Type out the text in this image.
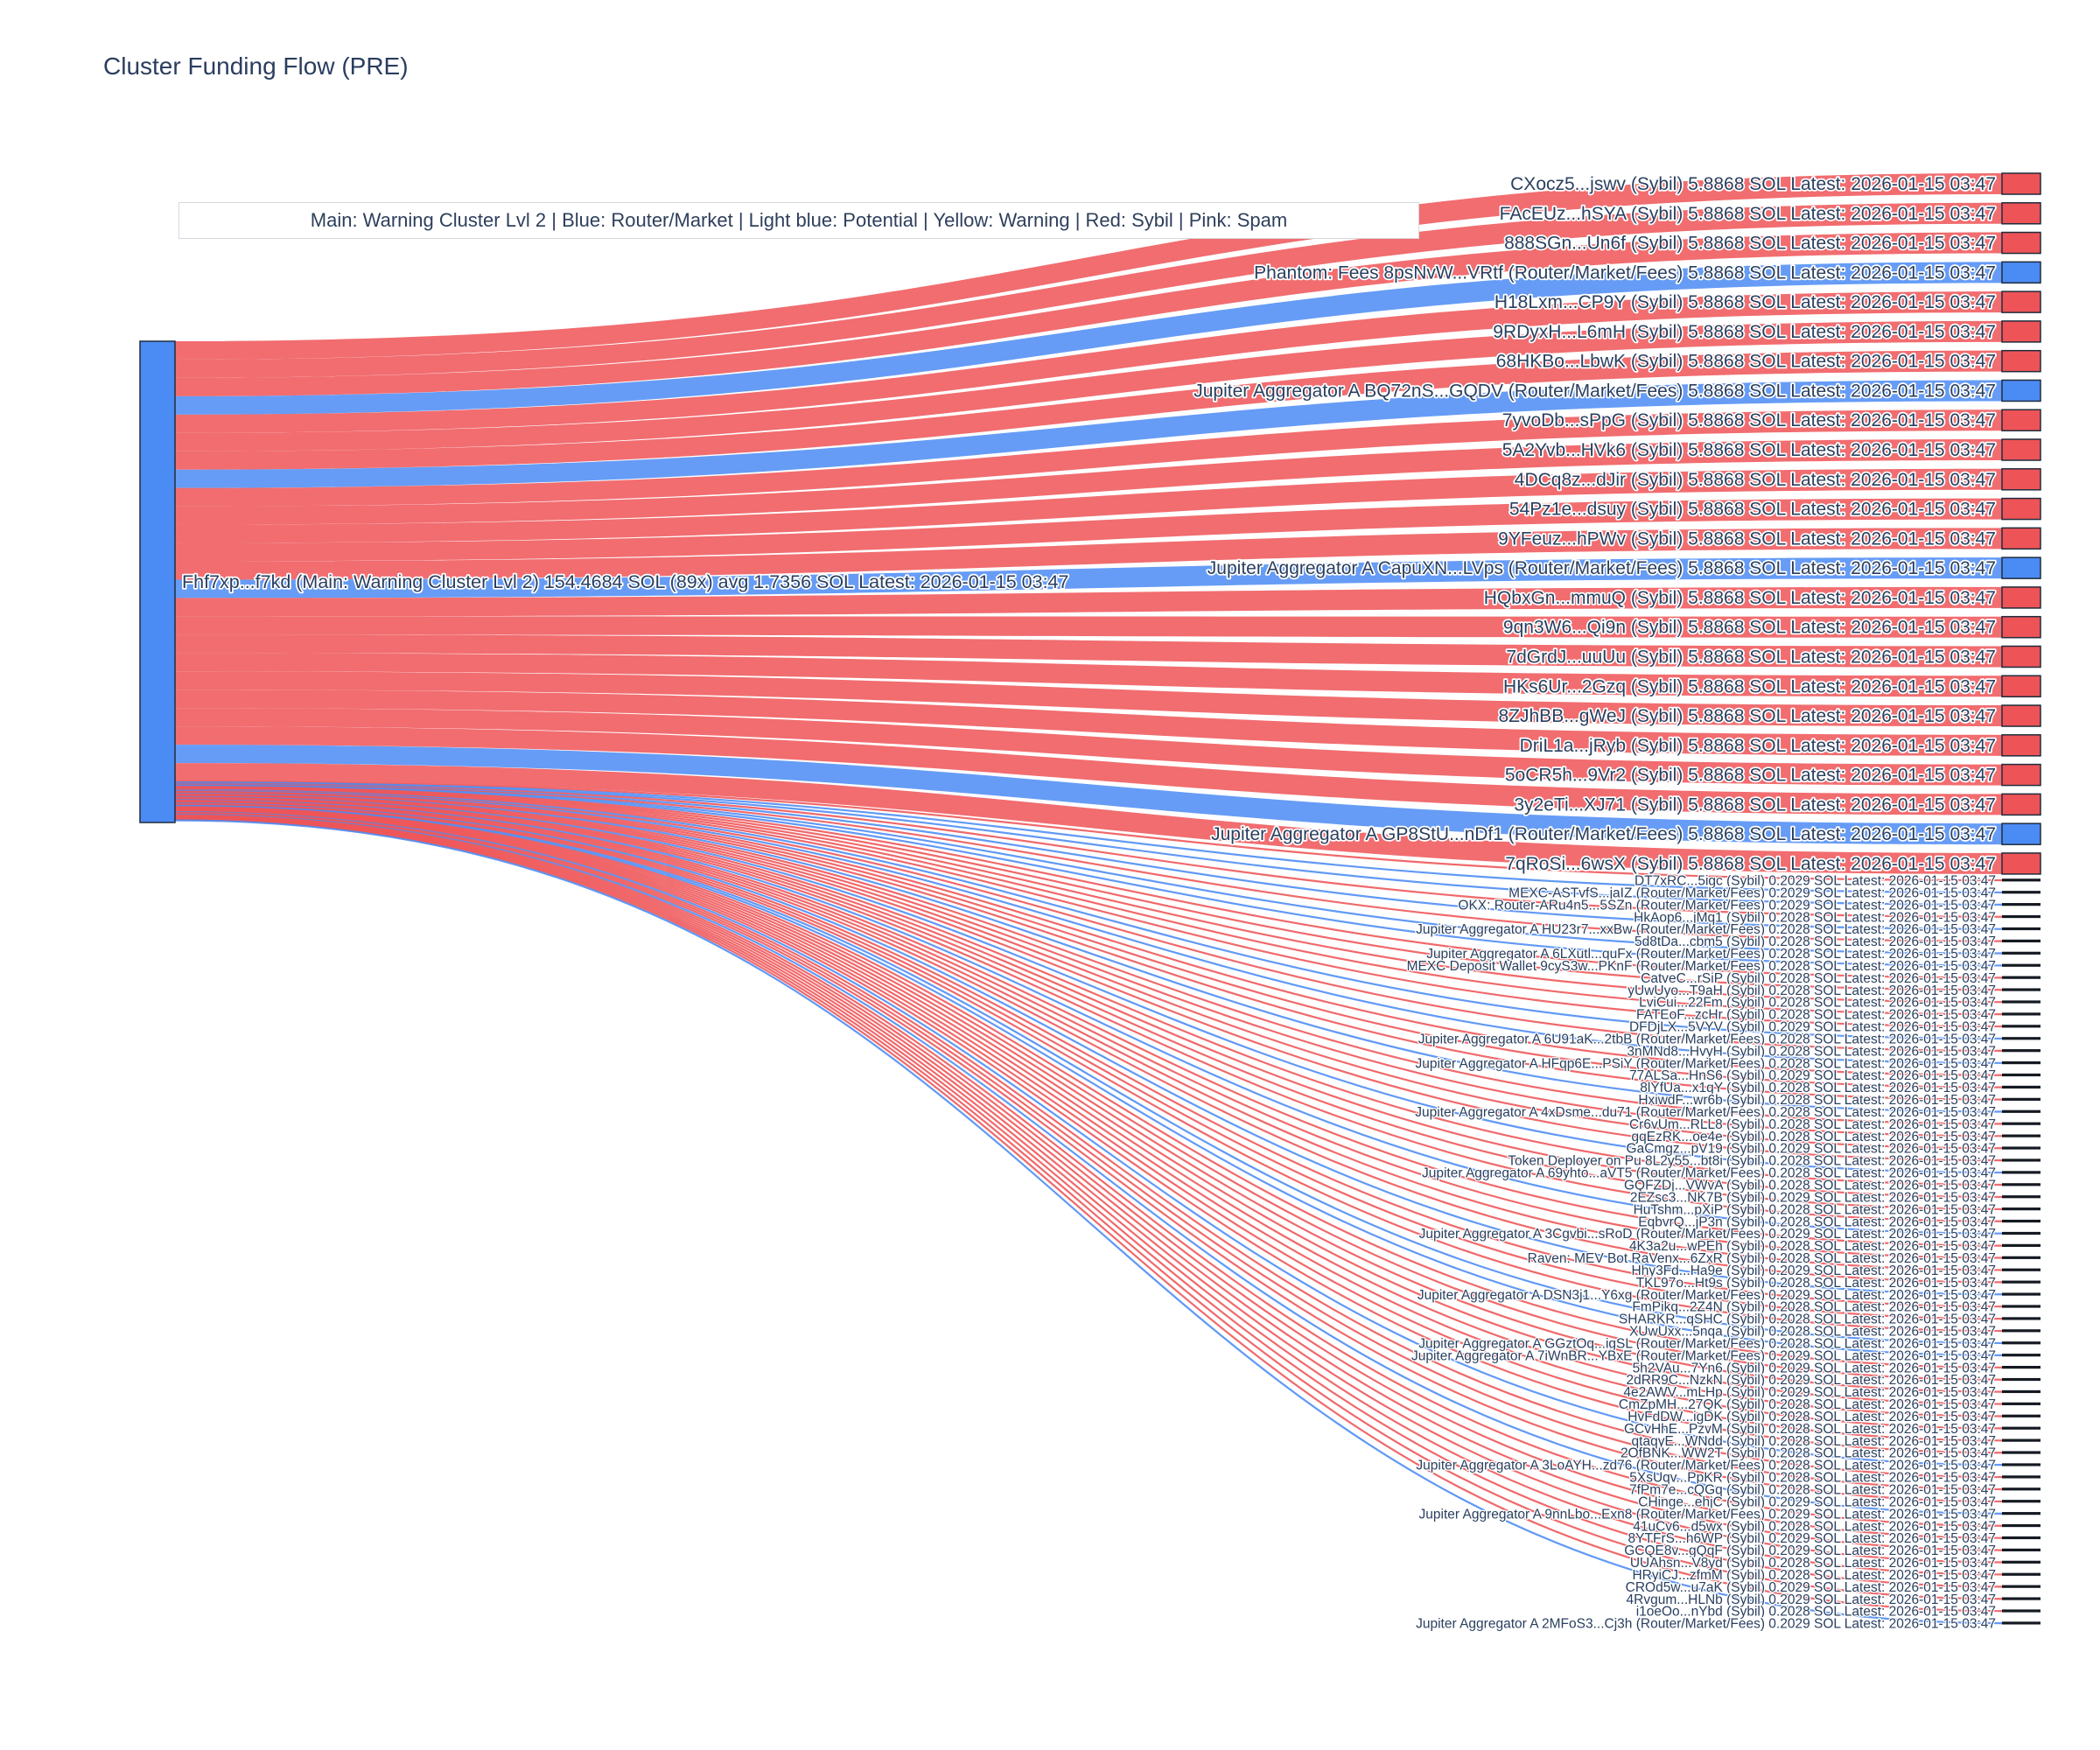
Cluster Funding Flow (PRE)
Main: Warning Cluster Lvl 2 | Blue: Router/Market | Light blue: Potential | Yellow: Warning | Red: Sybil | Pink: Spam
CXocz5...jswv (Sybil) 5.8868 SOL Latest: 2026-01-15 03:47
FAcEUz...hSYA (Sybil) 5.8868 SOL Latest: 2026-01-15 03:47
888SGn...Un6f (Sybil) 5.8868 SOL Latest: 2026-01-15 03:47
Phantom: Fees 8psNvW...VRtf (Router/Market/Fees) 5.8868 SOL Latest: 2026-01-15 03:47
H18Lxm...CP9Y (Sybil) 5.8868 SOL Latest: 2026-01-15 03:47
9RDyxH...L6mH (Sybil) 5.8868 SOL Latest: 2026-01-15 03:47
68HKBo...LbwK (Sybil) 5.8868 SOL Latest: 2026-01-15 03:47
Jupiter Aggregator A BQ72nS...GQDV (Router/Market/Fees) 5.8868 SOL Latest: 2026-01-15 03:47
7yvoDb...sPpG (Sybil) 5.8868 SOL Latest: 2026-01-15 03:47
5A2Yvb...HVk6 (Sybil) 5.8868 SOL Latest: 2026-01-15 03:47
4DCq8z...dJir (Sybil) 5.8868 SOL Latest: 2026-01-15 03:47
54Pz1e...dsuy (Sybil) 5.8868 SOL Latest: 2026-01-15 03:47
9YFeuz...hPWv (Sybil) 5.8868 SOL Latest: 2026-01-15 03:47
Jupiter Aggregator A CapuXN...LVps (Router/Market/Fees) 5.8868 SOL Latest: 2026-01-15 03:47
HQbxGn...mmuQ (Sybil) 5.8868 SOL Latest: 2026-01-15 03:47
9qn3W6...Qi9n (Sybil) 5.8868 SOL Latest: 2026-01-15 03:47
7dGrdJ...uuUu (Sybil) 5.8868 SOL Latest: 2026-01-15 03:47
HKs6Ur...2Gzq (Sybil) 5.8868 SOL Latest: 2026-01-15 03:47
8ZJhBB...gWeJ (Sybil) 5.8868 SOL Latest: 2026-01-15 03:47
DriL1a...jRyb (Sybil) 5.8868 SOL Latest: 2026-01-15 03:47
5oCR5h...9Vr2 (Sybil) 5.8868 SOL Latest: 2026-01-15 03:47
3y2eTi...XJ71 (Sybil) 5.8868 SOL Latest: 2026-01-15 03:47
Jupiter Aggregator A GP8StU...nDf1 (Router/Market/Fees) 5.8868 SOL Latest: 2026-01-15 03:47
7qRoSi...6wsX (Sybil) 5.8868 SOL Latest: 2026-01-15 03:47
DT7xRC...5igc (Sybil) 0.2029 SOL Latest: 2026-01-15 03:47
MEXC-ASTvfS...jaIZ (Router/Market/Fees) 0.2029 SOL Latest: 2026-01-15 03:47
OKX: Router-ARu4n5...5SZn (Router/Market/Fees) 0.2029 SOL Latest: 2026-01-15 03:47
HkAop6...jMq1 (Sybil) 0.2028 SOL Latest: 2026-01-15 03:47
Jupiter Aggregator A HU23r7...xxBw (Router/Market/Fees) 0.2028 SOL Latest: 2026-01-15 03:47
5d8tDa...cbm5 (Sybil) 0.2028 SOL Latest: 2026-01-15 03:47
Jupiter Aggregator A 6LXutl...quFx (Router/Market/Fees) 0.2028 SOL Latest: 2026-01-15 03:47
MEXC Deposit Wallet 9cyS3w...PKnF (Router/Market/Fees) 0.2028 SOL Latest: 2026-01-15 03:47
CatveC...rSiP (Sybil) 0.2028 SOL Latest: 2026-01-15 03:47
yUwUyo...T9aH (Sybil) 0.2028 SOL Latest: 2026-01-15 03:47
LviCui...22Fm (Sybil) 0.2028 SOL Latest: 2026-01-15 03:47
FATEoF...zcHr (Sybil) 0.2028 SOL Latest: 2026-01-15 03:47
DFDjLX...5VYV (Sybil) 0.2029 SOL Latest: 2026-01-15 03:47
Jupiter Aggregator A 6U91aK...2tbB (Router/Market/Fees) 0.2028 SOL Latest: 2026-01-15 03:47
3nMNd8...HvyH (Sybil) 0.2028 SOL Latest: 2026-01-15 03:47
Jupiter Aggregator A HFqp6E...PSiY (Router/Market/Fees) 0.2028 SOL Latest: 2026-01-15 03:47
77ALSa...HnS6 (Sybil) 0.2029 SOL Latest: 2026-01-15 03:47
8lYfUa...x1qY (Sybil) 0.2028 SOL Latest: 2026-01-15 03:47
HxiwdF...wr6b (Sybil) 0.2028 SOL Latest: 2026-01-15 03:47
Jupiter Aggregator A 4xDsme...du71 (Router/Market/Fees) 0.2028 SOL Latest: 2026-01-15 03:47
Cr6vUm...RLL8 (Sybil) 0.2028 SOL Latest: 2026-01-15 03:47
gqEzRK...oe4e (Sybil) 0.2028 SOL Latest: 2026-01-15 03:47
GaCmgz...pV19 (Sybil) 0.2029 SOL Latest: 2026-01-15 03:47
Token Deployer on Pu 8L2y55...bt8i (Sybil) 0.2028 SOL Latest: 2026-01-15 03:47
Jupiter Aggregator A 69yhto...aVT5 (Router/Market/Fees) 0.2028 SOL Latest: 2026-01-15 03:47
GQFZDj...VWvA (Sybil) 0.2028 SOL Latest: 2026-01-15 03:47
2EZsc3...NK7B (Sybil) 0.2029 SOL Latest: 2026-01-15 03:47
HuTshm...pXiP (Sybil) 0.2028 SOL Latest: 2026-01-15 03:47
EqbvrQ...jP3n (Sybil) 0.2028 SOL Latest: 2026-01-15 03:47
Jupiter Aggregator A 3Cgvbi...sRoD (Router/Market/Fees) 0.2029 SOL Latest: 2026-01-15 03:47
4K3a2u...wPEh (Sybil) 0.2028 SOL Latest: 2026-01-15 03:47
Raven: MEV Bot RaVenx...6ZxR (Sybil) 0.2028 SOL Latest: 2026-01-15 03:47
Hhy3Fd...Ha9e (Sybil) 0.2029 SOL Latest: 2026-01-15 03:47
TKL97o...Ht9s (Sybil) 0.2028 SOL Latest: 2026-01-15 03:47
Jupiter Aggregator A DSN3j1...Y6xg (Router/Market/Fees) 0.2029 SOL Latest: 2026-01-15 03:47
FmPikq...2Z4N (Sybil) 0.2028 SOL Latest: 2026-01-15 03:47
SHARKR...qSHC (Sybil) 0.2028 SOL Latest: 2026-01-15 03:47
XUwUxx...5nqa (Sybil) 0.2028 SOL Latest: 2026-01-15 03:47
Jupiter Aggregator A GGztOq...igSL (Router/Market/Fees) 0.2028 SOL Latest: 2026-01-15 03:47
Jupiter Aggregator A 7iWnBR...YBxE (Router/Market/Fees) 0.2029 SOL Latest: 2026-01-15 03:47
5h2VAu...7Yn6 (Sybil) 0.2029 SOL Latest: 2026-01-15 03:47
2dRR9C...NzkN (Sybil) 0.2029 SOL Latest: 2026-01-15 03:47
4e2AWV...mLHp (Sybil) 0.2029 SOL Latest: 2026-01-15 03:47
CmZpMH...27QK (Sybil) 0.2028 SOL Latest: 2026-01-15 03:47
HvFdDW...igDK (Sybil) 0.2028 SOL Latest: 2026-01-15 03:47
GCvHhE...PzvM (Sybil) 0.2028 SOL Latest: 2026-01-15 03:47
qtaqyE...WNdd (Sybil) 0.2028 SOL Latest: 2026-01-15 03:47
2OfBNK...WW2T (Sybil) 0.2028 SOL Latest: 2026-01-15 03:47
Jupiter Aggregator A 3LoAYH...zd76 (Router/Market/Fees) 0.2028 SOL Latest: 2026-01-15 03:47
5XsUqv...PpKR (Sybil) 0.2028 SOL Latest: 2026-01-15 03:47
7fPm7e...cQGq (Sybil) 0.2028 SOL Latest: 2026-01-15 03:47
CHinge...ehjC (Sybil) 0.2029 SOL Latest: 2026-01-15 03:47
Jupiter Aggregator A 9nnLbo...Exn8 (Router/Market/Fees) 0.2029 SOL Latest: 2026-01-15 03:47
41uCv6...d5wx (Sybil) 0.2028 SOL Latest: 2026-01-15 03:47
8YTFrS...h6WP (Sybil) 0.2029 SOL Latest: 2026-01-15 03:47
GCQE8v...gQqF (Sybil) 0.2029 SOL Latest: 2026-01-15 03:47
UUAhsn...V8yd (Sybil) 0.2028 SOL Latest: 2026-01-15 03:47
HRyiCJ...zfmM (Sybil) 0.2028 SOL Latest: 2026-01-15 03:47
CROd5w...u7aK (Sybil) 0.2029 SOL Latest: 2026-01-15 03:47
4Rvgum...HLNb (Sybil) 0.2029 SOL Latest: 2026-01-15 03:47
i1oeOo...nYbd (Sybil) 0.2028 SOL Latest: 2026-01-15 03:47
Jupiter Aggregator A 2MFoS3...Cj3h (Router/Market/Fees) 0.2029 SOL Latest: 2026-01-15 03:47
Fhf7xp...f7kd (Main: Warning Cluster Lvl 2) 154.4684 SOL (89x) avg 1.7356 SOL Latest: 2026-01-15 03:47
